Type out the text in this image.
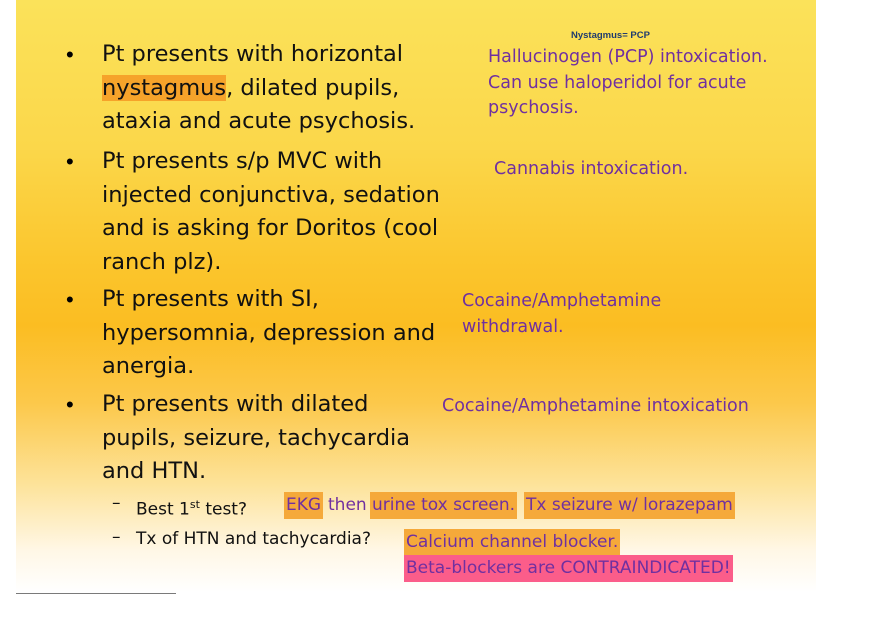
Nystagmus= PCP
•	Pt presents with horizontal
nystagmus, dilated pupils,
ataxia and acute psychosis.
•	Pt presents s/p MVC with
injected conjunctiva, sedation
and is asking for Doritos (cool
ranch plz).
•	Pt presents with SI,
hypersomnia, depression and
anergia.
•	Pt presents with dilated
pupils, seizure, tachycardia
and HTN.
Hallucinogen (PCP) intoxication.
Can use haloperidol for acute
psychosis.
Cannabis intoxication.
Cocaine/Amphetamine
withdrawal.
Cocaine/Amphetamine intoxication
– Best 1st test? EKG then urine tox screen. Tx seizure w/ lorazepam
– Tx of HTN and tachycardia? Calcium channel blocker.
Beta-blockers are CONTRAINDICATED!
